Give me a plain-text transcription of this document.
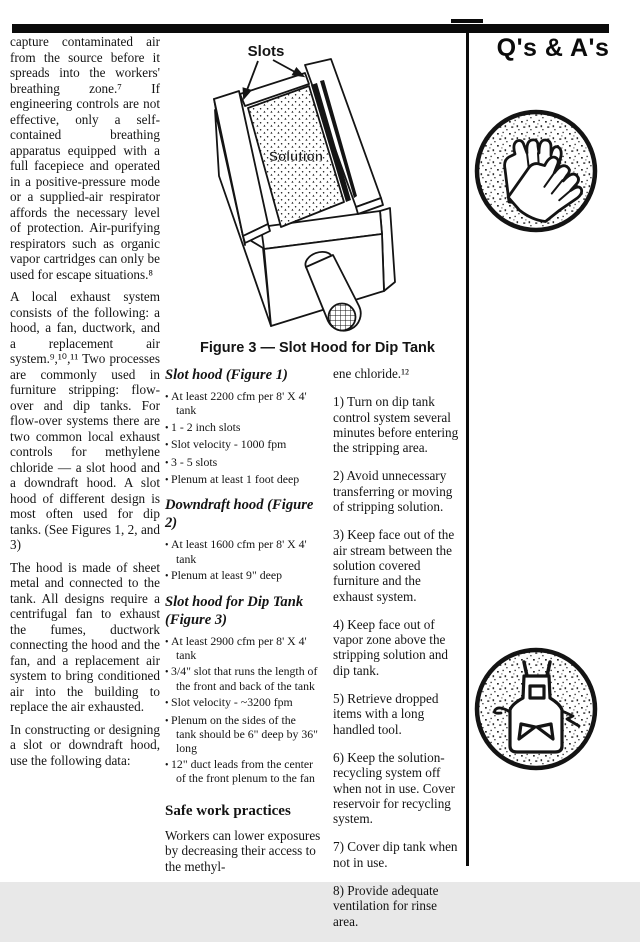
capture contaminated air from the source before it spreads into the workers' breathing zone.⁷ If engineering controls are not effective, only a self-contained breathing apparatus equipped with a full facepiece and operated in a positive-pressure mode or a supplied-air respirator affords the necessary level of protection. Air-purifying respirators such as organic vapor cartridges can only be used for escape situations.⁸

A local exhaust system consists of the following: a hood, a fan, ductwork, and a replacement air system.⁹,¹⁰,¹¹ Two processes are commonly used in furniture stripping: flow-over and dip tanks. For flow-over systems there are two common local exhaust controls for methylene chloride — a slot hood and a downdraft hood. A slot hood of different design is most often used for dip tanks. (See Figures 1, 2, and 3)

The hood is made of sheet metal and connected to the tank. All designs require a centrifugal fan to exhaust the fumes, ductwork connecting the hood and the fan, and a replacement air system to bring conditioned air into the building to replace the air exhausted.

In constructing or designing a slot or downdraft hood, use the following data:

Slots
Solution
Figure 3 — Slot Hood for Dip Tank
Slot hood (Figure 1)
• At least 2200 cfm per 8' X 4' tank
• 1 - 2 inch slots
• Slot velocity - 1000 fpm
• 3 - 5 slots
• Plenum at least 1 foot deep
Downdraft hood (Figure 2)
• At least 1600 cfm per 8' X 4' tank
• Plenum at least 9" deep
Slot hood for Dip Tank (Figure 3)
• At least 2900 cfm per 8' X 4' tank
• 3/4" slot that runs the length of the front and back of the tank
• Slot velocity - ~3200 fpm
• Plenum on the sides of the tank should be 6" deep by 36" long
• 12" duct leads from the center of the front plenum to the fan
Safe work practices

Workers can lower exposures by decreasing their access to the methyl-

ene chloride.¹²

1) Turn on dip tank control system several minutes before entering the stripping area.

2) Avoid unnecessary transferring or moving of stripping solution.

3) Keep face out of the air stream between the solution covered furniture and the exhaust system.

4) Keep face out of vapor zone above the stripping solution and dip tank.

5) Retrieve dropped items with a long handled tool.

6) Keep the solution-recycling system off when not in use. Cover reservoir for recycling system.

7) Cover dip tank when not in use.

8) Provide adequate ventilation for rinse area.

Q's & A's
